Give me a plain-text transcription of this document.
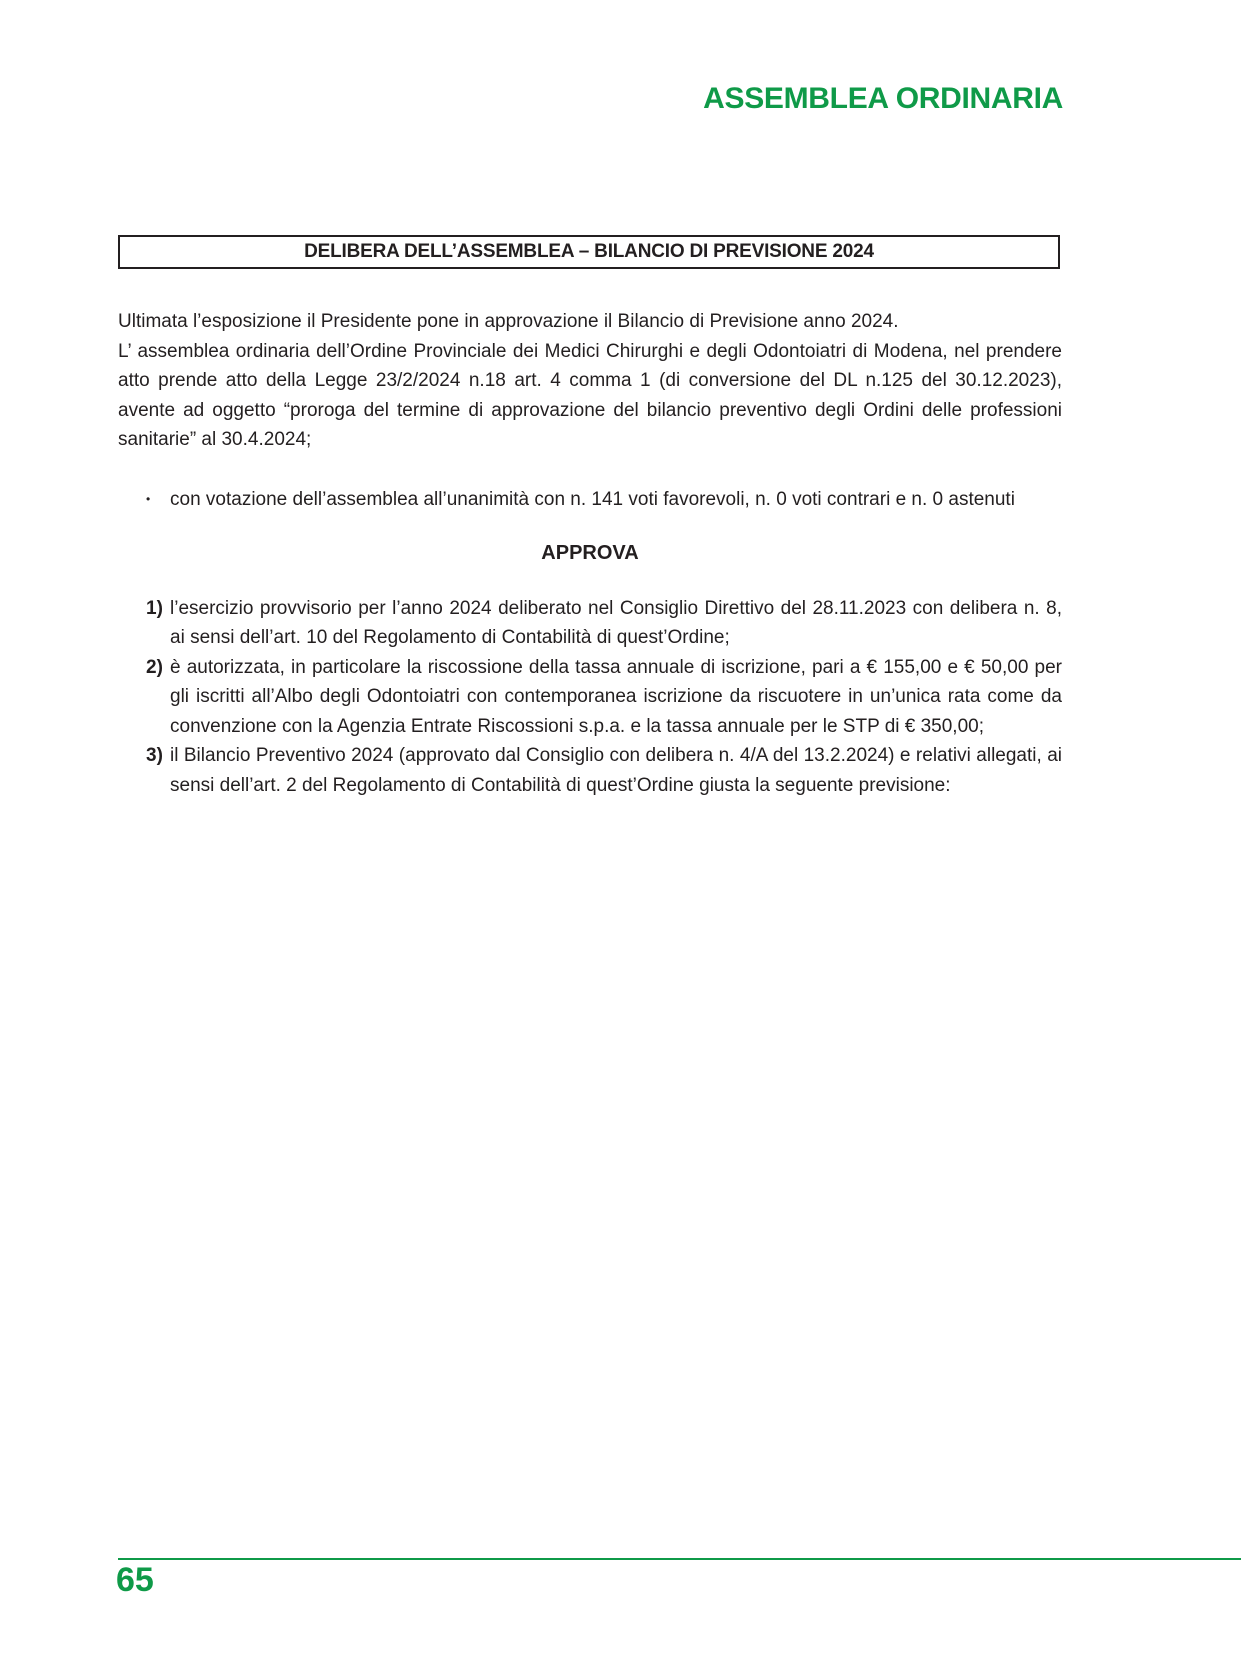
ASSEMBLEA ORDINARIA
DELIBERA DELL’ASSEMBLEA – BILANCIO DI PREVISIONE 2024

Ultimata l’esposizione il Presidente pone in approvazione il Bilancio di Previsione anno 2024.

L’ assemblea ordinaria dell’Ordine Provinciale dei Medici Chirurghi e degli Odontoiatri di Modena, nel prendere atto prende atto della Legge 23/2/2024 n.18 art. 4 comma 1 (di conversione del DL n.125 del 30.12.2023), avente ad oggetto “proroga del termine di approvazione del bilancio preventivo degli Ordini delle professioni sanitarie” al 30.4.2024;

•	con votazione dell’assemblea all’unanimità con n. 141 voti favorevoli, n. 0 voti contrari e n. 0 astenuti
APPROVA
1) l’esercizio provvisorio per l’anno 2024 deliberato nel Consiglio Direttivo del 28.11.2023 con delibera n. 8, ai sensi dell’art. 10 del Regolamento di Contabilità di quest’Ordine;
2) è autorizzata, in particolare la riscossione della tassa annuale di iscrizione, pari a € 155,00 e € 50,00 per gli iscritti all’Albo degli Odontoiatri con contemporanea iscrizione da riscuotere in un’unica rata come da convenzione con la Agenzia Entrate Riscossioni s.p.a. e la tassa annuale per le STP di € 350,00;
3) il Bilancio Preventivo 2024 (approvato dal Consiglio con delibera n. 4/A del 13.2.2024) e relativi allegati, ai sensi dell’art. 2 del Regolamento di Contabilità di quest’Ordine giusta la seguente previsione:
65
